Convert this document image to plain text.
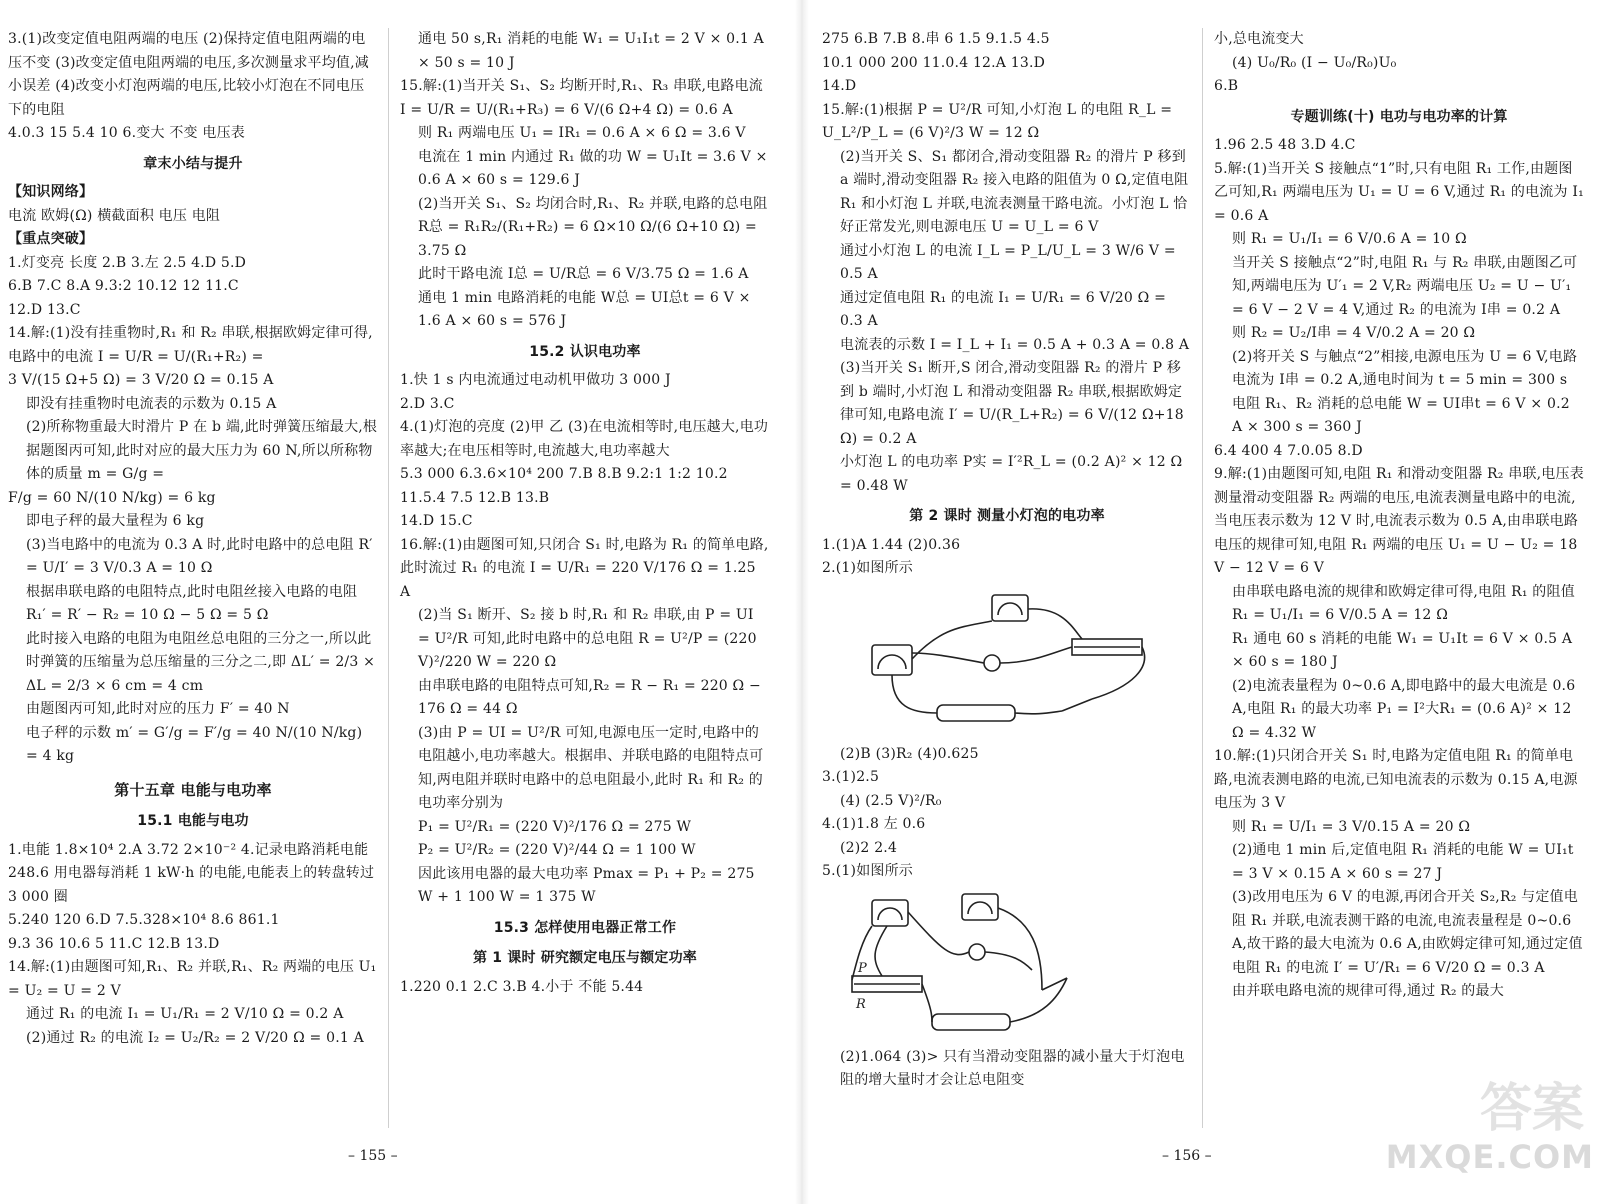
3.(1)改变定值电阻两端的电压 (2)保持定值电阻两端的电压不变 (3)改变定值电阻两端的电压,多次测量求平均值,减小误差 (4)改变小灯泡两端的电压,比较小灯泡在不同电压下的电阻

4.0.3 15 5.4 10 6.变大 不变 电压表

章末小结与提升

【知识网络】

电流 欧姆(Ω) 横截面积 电压 电阻

【重点突破】

1.灯变亮 长度 2.B 3.左 2.5 4.D 5.D

6.B 7.C 8.A 9.3:2 10.12 12 11.C

12.D 13.C

14.解:(1)没有挂重物时,R₁ 和 R₂ 串联,根据欧姆定律可得,电路中的电流 I = U/R = U/(R₁+R₂) =

3 V/(15 Ω+5 Ω) = 3 V/20 Ω = 0.15 A

即没有挂重物时电流表的示数为 0.15 A

(2)所称物重最大时滑片 P 在 b 端,此时弹簧压缩最大,根据题图丙可知,此时对应的最大压力为 60 N,所以所称物体的质量 m = G/g =

F/g = 60 N/(10 N/kg) = 6 kg

即电子秤的最大量程为 6 kg

(3)当电路中的电流为 0.3 A 时,此时电路中的总电阻 R′ = U/I′ = 3 V/0.3 A = 10 Ω

根据串联电路的电阻特点,此时电阻丝接入电路的电阻 R₁′ = R′ − R₂ = 10 Ω − 5 Ω = 5 Ω

此时接入电路的电阻为电阻丝总电阻的三分之一,所以此时弹簧的压缩量为总压缩量的三分之二,即 ΔL′ = 2/3 × ΔL = 2/3 × 6 cm = 4 cm

由题图丙可知,此时对应的压力 F′ = 40 N

电子秤的示数 m′ = G′/g = F′/g = 40 N/(10 N/kg) = 4 kg

第十五章 电能与电功率

15.1 电能与电功

1.电能 1.8×10⁴ 2.A 3.72 2×10⁻² 4.记录电路消耗电能 248.6 用电器每消耗 1 kW·h 的电能,电能表上的转盘转过 3 000 圈

5.240 120 6.D 7.5.328×10⁴ 8.6 861.1

9.3 36 10.6 5 11.C 12.B 13.D

14.解:(1)由题图可知,R₁、R₂ 并联,R₁、R₂ 两端的电压 U₁ = U₂ = U = 2 V

通过 R₁ 的电流 I₁ = U₁/R₁ = 2 V/10 Ω = 0.2 A

(2)通过 R₂ 的电流 I₂ = U₂/R₂ = 2 V/20 Ω = 0.1 A

通电 50 s,R₁ 消耗的电能 W₁ = U₁I₁t = 2 V × 0.1 A × 50 s = 10 J

15.解:(1)当开关 S₁、S₂ 均断开时,R₁、R₃ 串联,电路电流 I = U/R = U/(R₁+R₃) = 6 V/(6 Ω+4 Ω) = 0.6 A

则 R₁ 两端电压 U₁ = IR₁ = 0.6 A × 6 Ω = 3.6 V

电流在 1 min 内通过 R₁ 做的功 W = U₁It = 3.6 V × 0.6 A × 60 s = 129.6 J

(2)当开关 S₁、S₂ 均闭合时,R₁、R₂ 并联,电路的总电阻 R总 = R₁R₂/(R₁+R₂) = 6 Ω×10 Ω/(6 Ω+10 Ω) = 3.75 Ω

此时干路电流 I总 = U/R总 = 6 V/3.75 Ω = 1.6 A

通电 1 min 电路消耗的电能 W总 = UI总t = 6 V × 1.6 A × 60 s = 576 J

15.2 认识电功率

1.快 1 s 内电流通过电动机甲做功 3 000 J

2.D 3.C

4.(1)灯泡的亮度 (2)甲 乙 (3)在电流相等时,电压越大,电功率越大;在电压相等时,电流越大,电功率越大

5.3 000 6.3.6×10⁴ 200 7.B 8.B 9.2:1 1:2 10.2 11.5.4 7.5 12.B 13.B

14.D 15.C

16.解:(1)由题图可知,只闭合 S₁ 时,电路为 R₁ 的简单电路,此时流过 R₁ 的电流 I = U/R₁ = 220 V/176 Ω = 1.25 A

(2)当 S₁ 断开、S₂ 接 b 时,R₁ 和 R₂ 串联,由 P = UI = U²/R 可知,此时电路中的总电阻 R = U²/P = (220 V)²/220 W = 220 Ω

由串联电路的电阻特点可知,R₂ = R − R₁ = 220 Ω − 176 Ω = 44 Ω

(3)由 P = UI = U²/R 可知,电源电压一定时,电路中的电阻越小,电功率越大。根据串、并联电路的电阻特点可知,两电阻并联时电路中的总电阻最小,此时 R₁ 和 R₂ 的电功率分别为

P₁ = U²/R₁ = (220 V)²/176 Ω = 275 W

P₂ = U²/R₂ = (220 V)²/44 Ω = 1 100 W

因此该用电器的最大电功率 Pmax = P₁ + P₂ = 275 W + 1 100 W = 1 375 W

15.3 怎样使用电器正常工作

第 1 课时 研究额定电压与额定功率

1.220 0.1 2.C 3.B 4.小于 不能 5.44

– 155 –

275 6.B 7.B 8.串 6 1.5 9.1.5 4.5

10.1 000 200 11.0.4 12.A 13.D

14.D

15.解:(1)根据 P = U²/R 可知,小灯泡 L 的电阻 R_L = U_L²/P_L = (6 V)²/3 W = 12 Ω

(2)当开关 S、S₁ 都闭合,滑动变阻器 R₂ 的滑片 P 移到 a 端时,滑动变阻器 R₂ 接入电路的阻值为 0 Ω,定值电阻 R₁ 和小灯泡 L 并联,电流表测量干路电流。小灯泡 L 恰好正常发光,则电源电压 U = U_L = 6 V

通过小灯泡 L 的电流 I_L = P_L/U_L = 3 W/6 V = 0.5 A

通过定值电阻 R₁ 的电流 I₁ = U/R₁ = 6 V/20 Ω = 0.3 A

电流表的示数 I = I_L + I₁ = 0.5 A + 0.3 A = 0.8 A

(3)当开关 S₁ 断开,S 闭合,滑动变阻器 R₂ 的滑片 P 移到 b 端时,小灯泡 L 和滑动变阻器 R₂ 串联,根据欧姆定律可知,电路电流 I′ = U/(R_L+R₂) = 6 V/(12 Ω+18 Ω) = 0.2 A

小灯泡 L 的电功率 P实 = I′²R_L = (0.2 A)² × 12 Ω = 0.48 W

第 2 课时 测量小灯泡的电功率

1.(1)A 1.44 (2)0.36

2.(1)如图所示

(2)B (3)R₂ (4)0.625

3.(1)2.5

(4) (2.5 V)²/R₀

4.(1)1.8 左 0.6

(2)2 2.4

5.(1)如图所示

P
R

(2)1.064 (3)> 只有当滑动变阻器的减小量大于灯泡电阻的增大量时才会让总电阻变

小,总电流变大

(4) U₀/R₀ (I − U₀/R₀)U₀

6.B

专题训练(十) 电功与电功率的计算

1.96 2.5 48 3.D 4.C

5.解:(1)当开关 S 接触点“1”时,只有电阻 R₁ 工作,由题图乙可知,R₁ 两端电压为 U₁ = U = 6 V,通过 R₁ 的电流为 I₁ = 0.6 A

则 R₁ = U₁/I₁ = 6 V/0.6 A = 10 Ω

当开关 S 接触点“2”时,电阻 R₁ 与 R₂ 串联,由题图乙可知,两端电压为 U′₁ = 2 V,R₂ 两端电压 U₂ = U − U′₁ = 6 V − 2 V = 4 V,通过 R₂ 的电流为 I串 = 0.2 A

则 R₂ = U₂/I串 = 4 V/0.2 A = 20 Ω

(2)将开关 S 与触点“2”相接,电源电压为 U = 6 V,电路电流为 I串 = 0.2 A,通电时间为 t = 5 min = 300 s

电阻 R₁、R₂ 消耗的总电能 W = UI串t = 6 V × 0.2 A × 300 s = 360 J

6.4 400 4 7.0.05 8.D

9.解:(1)由题图可知,电阻 R₁ 和滑动变阻器 R₂ 串联,电压表测量滑动变阻器 R₂ 两端的电压,电流表测量电路中的电流,当电压表示数为 12 V 时,电流表示数为 0.5 A,由串联电路电压的规律可知,电阻 R₁ 两端的电压 U₁ = U − U₂ = 18 V − 12 V = 6 V

由串联电路电流的规律和欧姆定律可得,电阻 R₁ 的阻值 R₁ = U₁/I₁ = 6 V/0.5 A = 12 Ω

R₁ 通电 60 s 消耗的电能 W₁ = U₁It = 6 V × 0.5 A × 60 s = 180 J

(2)电流表量程为 0~0.6 A,即电路中的最大电流是 0.6 A,电阻 R₁ 的最大功率 P₁ = I²大R₁ = (0.6 A)² × 12 Ω = 4.32 W

10.解:(1)只闭合开关 S₁ 时,电路为定值电阻 R₁ 的简单电路,电流表测电路的电流,已知电流表的示数为 0.15 A,电源电压为 3 V

则 R₁ = U/I₁ = 3 V/0.15 A = 20 Ω

(2)通电 1 min 后,定值电阻 R₁ 消耗的电能 W = UI₁t = 3 V × 0.15 A × 60 s = 27 J

(3)改用电压为 6 V 的电源,再闭合开关 S₂,R₂ 与定值电阻 R₁ 并联,电流表测干路的电流,电流表量程是 0~0.6 A,故干路的最大电流为 0.6 A,由欧姆定律可知,通过定值电阻 R₁ 的电流 I′ = U′/R₁ = 6 V/20 Ω = 0.3 A

由并联电路电流的规律可得,通过 R₂ 的最大

– 156 –
答案
MXQE.COM
